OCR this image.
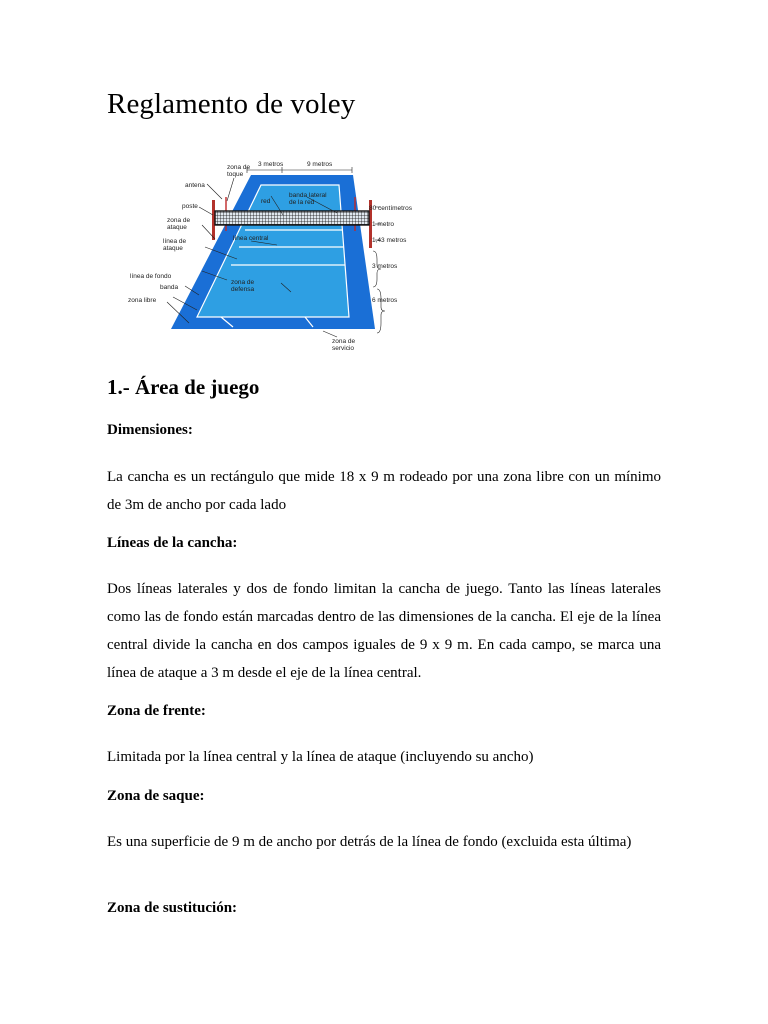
Reglamento de voley
zona de toque
3 metros	9 metros
antena
poste
zona de ataque
línea de ataque
línea de fondo
banda
zona libre
red
banda lateral de la red
línea central
zona de defensa
80 centímetros
1 metro
1,43 metros
3 metros
6 metros
zona de servicio
1.- Área de juego
Dimensiones:

La cancha es un rectángulo que mide 18 x 9 m rodeado por una zona libre con un mínimo de 3m de ancho por cada lado

Líneas de la cancha:

Dos líneas laterales y dos de fondo limitan la cancha de juego. Tanto las líneas laterales como las de fondo están marcadas dentro de las dimensiones de la cancha. El eje de la línea central divide la cancha en dos campos iguales de 9 x 9 m. En cada campo, se marca una línea de ataque a 3 m desde el eje de la línea central.

Zona de frente:

Limitada por la línea central y la línea de ataque (incluyendo su ancho)

Zona de saque:

Es una superficie de 9 m de ancho por detrás de la línea de fondo (excluida esta última)

Zona de sustitución:
